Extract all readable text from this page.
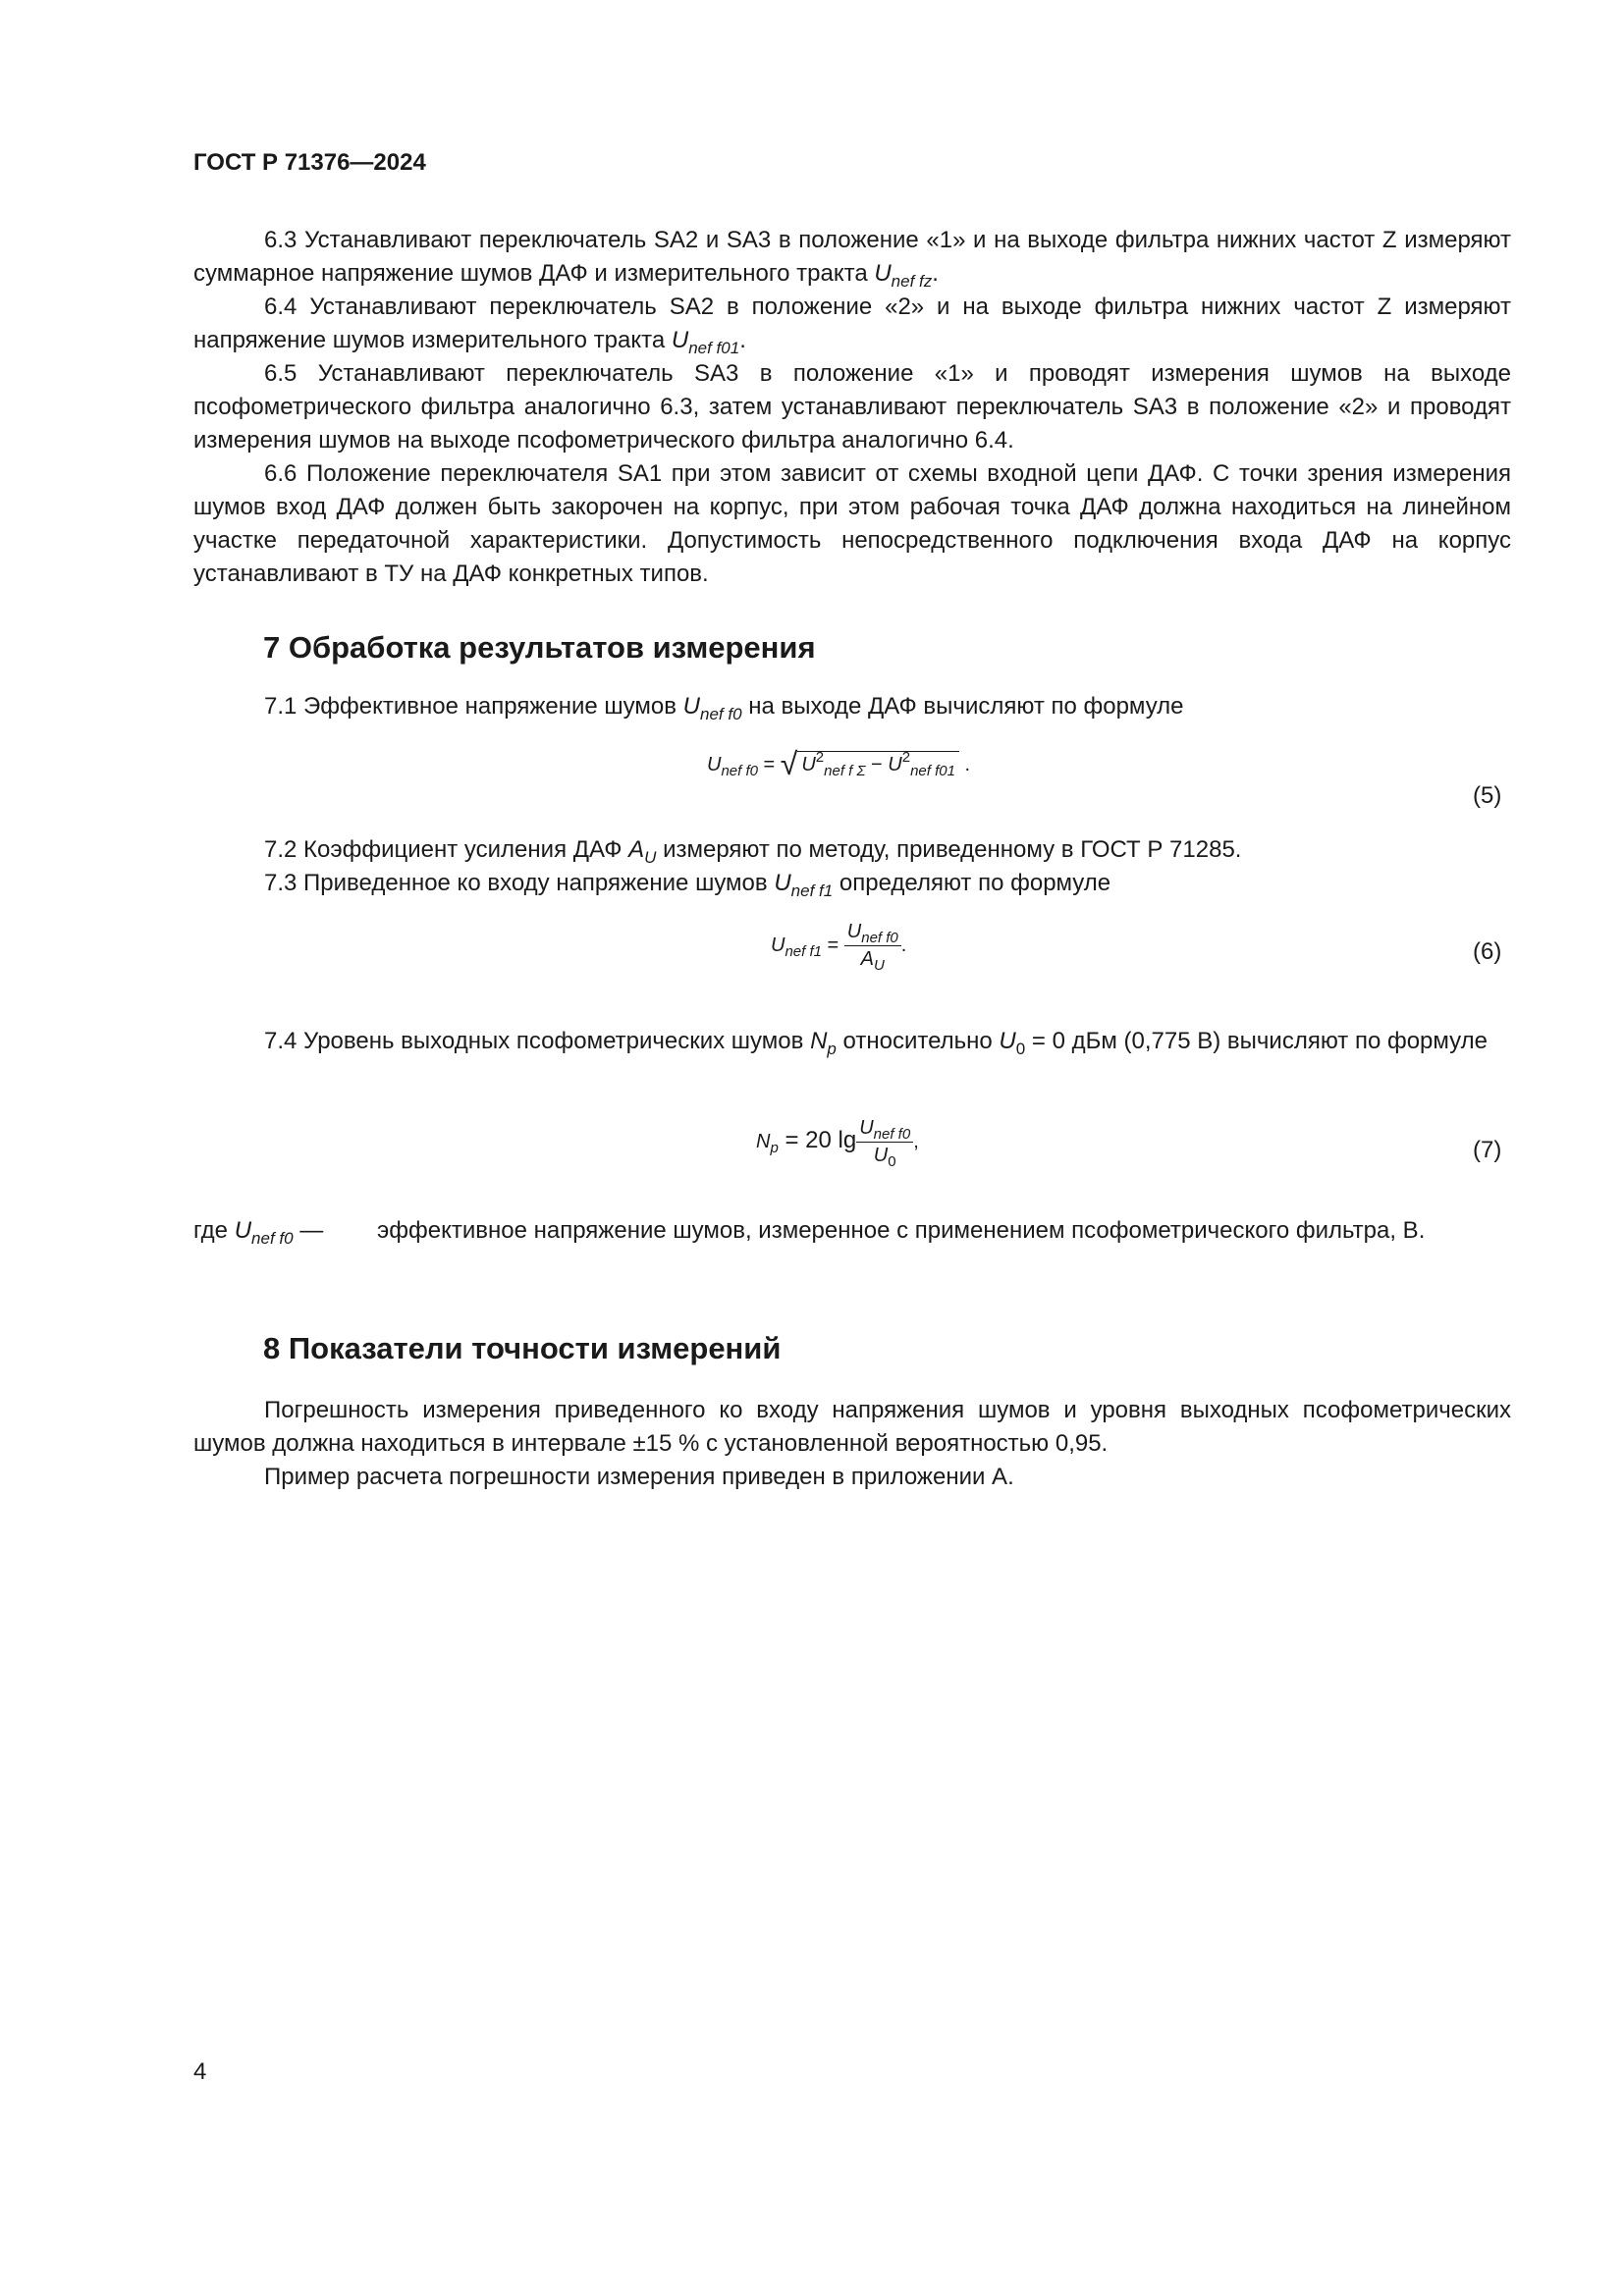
ГОСТ Р 71376—2024
6.3 Устанавливают переключатель SA2 и SA3 в положение «1» и на выходе фильтра нижних частот Z измеряют суммарное напряжение шумов ДАФ и измерительного тракта $U_{nef fz}$.
6.4 Устанавливают переключатель SA2 в положение «2» и на выходе фильтра нижних частот Z измеряют напряжение шумов измерительного тракта $U_{nef f01}$.
6.5 Устанавливают переключатель SA3 в положение «1» и проводят измерения шумов на выходе псофометрического фильтра аналогично 6.3, затем устанавливают переключатель SA3 в положение «2» и проводят измерения шумов на выходе псофометрического фильтра аналогично 6.4.
6.6 Положение переключателя SA1 при этом зависит от схемы входной цепи ДАФ. С точки зрения измерения шумов вход ДАФ должен быть закорочен на корпус, при этом рабочая точка ДАФ должна находиться на линейном участке передаточной характеристики. Допустимость непосредственного подключения входа ДАФ на корпус устанавливают в ТУ на ДАФ конкретных типов.
7 Обработка результатов измерения
7.1 Эффективное напряжение шумов $U_{nef f0}$ на выходе ДАФ вычисляют по формуле
$U_{nef f0}$ = √ $U^2_{nef f \Sigma} - U^2_{nef f01}$ .
(5)
7.2 Коэффициент усиления ДАФ $A_U$ измеряют по методу, приведенному в ГОСТ Р 71285.
7.3 Приведенное ко входу напряжение шумов $U_{nef f1}$ определяют по формуле
$U_{nef f1} = \frac{U_{nef f0}}{A_U}$ .	(6)
7.4 Уровень выходных псофометрических шумов $N_p$ относительно $U_0 = 0$ дБм (0,775 В) вычисляют по формуле
$N_p = 20$ $\lg \frac{U_{nef f0}}{U_0}$ ,	(7)
где $U_{nef f0}$ — эффективное напряжение шумов, измеренное с применением псофометрического фильтра, В.
8 Показатели точности измерений
Погрешность измерения приведенного ко входу напряжения шумов и уровня выходных псофометрических шумов должна находиться в интервале ±15 % с установленной вероятностью 0,95.
Пример расчета погрешности измерения приведен в приложении А.
4
